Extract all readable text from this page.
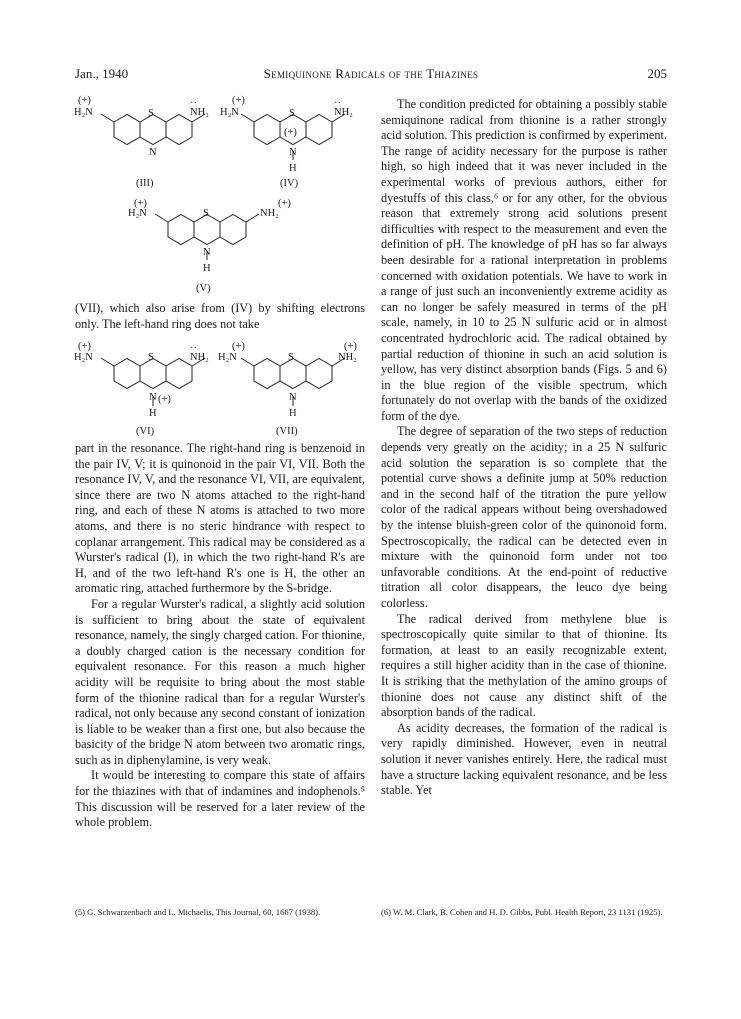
Jan., 1940	Semiquinone Radicals of the Thiazines	205
(+)
H₂N
··
NH₂
S
N
(III)
(+)
H₂N
··
NH₂
S
(+)
N
H
(IV)
(+)
H₂N
(+)
NH₂
S
N
H
(V)

(VII), which also arise from (IV) by shifting electrons only. The left-hand ring does not take

(+)
H₂N
··
NH₂
S
N (+)
H
(VI)
(+)
H₂N
(+)
NH₂
S
N
H
(VII)

part in the resonance. The right-hand ring is benzenoid in the pair IV, V; it is quinonoid in the pair VI, VII. Both the resonance IV, V, and the resonance VI, VII, are equivalent, since there are two N atoms attached to the right-hand ring, and each of these N atoms is attached to two more atoms, and there is no steric hindrance with respect to coplanar arrangement. This radical may be considered as a Wurster's radical (I), in which the two right-hand R's are H, and of the two left-hand R's one is H, the other an aromatic ring, attached furthermore by the S-bridge.

For a regular Wurster's radical, a slightly acid solution is sufficient to bring about the state of equivalent resonance, namely, the singly charged cation. For thionine, a doubly charged cation is the necessary condition for equivalent resonance. For this reason a much higher acidity will be requisite to bring about the most stable form of the thionine radical than for a regular Wurster's radical, not only because any second constant of ionization is liable to be weaker than a first one, but also because the basicity of the bridge N atom between two aromatic rings, such as in diphenylamine, is very weak.

It would be interesting to compare this state of affairs for the thiazines with that of indamines and indophenols.⁵ This discussion will be reserved for a later review of the whole problem.

(5) G. Schwarzenbach and L. Michaelis, This Journal, 60, 1667 (1938).

The condition predicted for obtaining a possibly stable semiquinone radical from thionine is a rather strongly acid solution. This prediction is confirmed by experiment. The range of acidity necessary for the purpose is rather high, so high indeed that it was never included in the experimental works of previous authors, either for dyestuffs of this class,⁶ or for any other, for the obvious reason that extremely strong acid solutions present difficulties with respect to the measurement and even the definition of pH. The knowledge of pH has so far always been desirable for a rational interpretation in problems concerned with oxidation potentials. We have to work in a range of just such an inconveniently extreme acidity as can no longer be safely measured in terms of the pH scale, namely, in 10 to 25 N sulfuric acid or in almost concentrated hydrochloric acid. The radical obtained by partial reduction of thionine in such an acid solution is yellow, has very distinct absorption bands (Figs. 5 and 6) in the blue region of the visible spectrum, which fortunately do not overlap with the bands of the oxidized form of the dye.

The degree of separation of the two steps of reduction depends very greatly on the acidity; in a 25 N sulfuric acid solution the separation is so complete that the potential curve shows a definite jump at 50% reduction and in the second half of the titration the pure yellow color of the radical appears without being overshadowed by the intense bluish-green color of the quinonoid form. Spectroscopically, the radical can be detected even in mixture with the quinonoid form under not too unfavorable conditions. At the end-point of reductive titration all color disappears, the leuco dye being colorless.

The radical derived from methylene blue is spectroscopically quite similar to that of thionine. Its formation, at least to an easily recognizable extent, requires a still higher acidity than in the case of thionine. It is striking that the methylation of the amino groups of thionine does not cause any distinct shift of the absorption bands of the radical.

As acidity decreases, the formation of the radical is very rapidly diminished. However, even in neutral solution it never vanishes entirely. Here, the radical must have a structure lacking equivalent resonance, and be less stable. Yet

(6) W. M. Clark, B. Cohen and H. D. Gibbs, Publ. Health Report, 23 1131 (1925).
